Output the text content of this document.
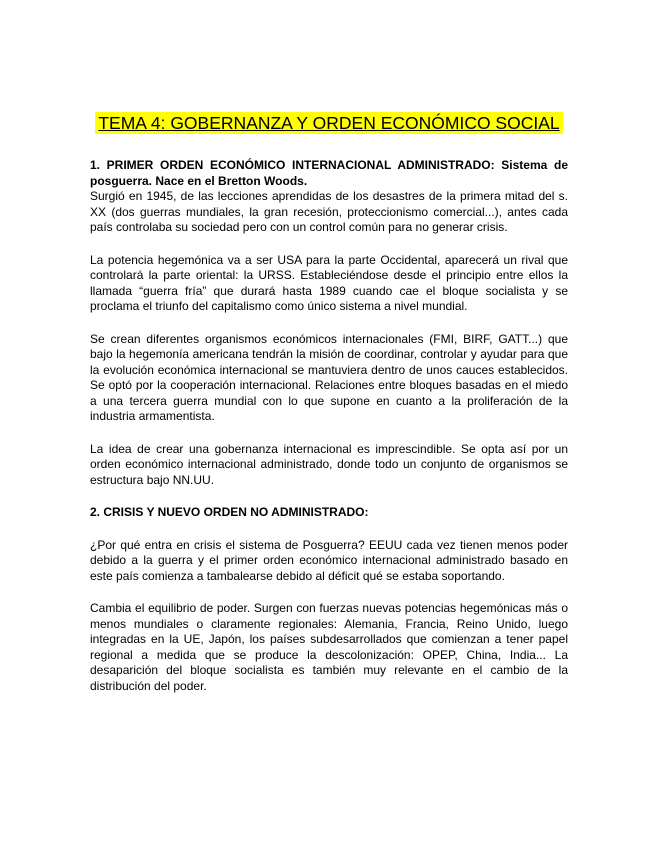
TEMA 4: GOBERNANZA Y ORDEN ECONÓMICO SOCIAL

1. PRIMER ORDEN ECONÓMICO INTERNACIONAL ADMINISTRADO: Sistema de posguerra. Nace en el Bretton Woods.

Surgió en 1945, de las lecciones aprendidas de los desastres de la primera mitad del s. XX (dos guerras mundiales, la gran recesión, proteccionismo comercial...), antes cada país controlaba su sociedad pero con un control común para no generar crisis.

La potencia hegemónica va a ser USA para la parte Occidental, aparecerá un rival que controlará la parte oriental: la URSS. Estableciéndose desde el principio entre ellos la llamada “guerra fría” que durará hasta 1989 cuando cae el bloque socialista y se proclama el triunfo del capitalismo como único sistema a nivel mundial.

Se crean diferentes organismos económicos internacionales (FMI, BIRF, GATT...) que bajo la hegemonía americana tendrán la misión de coordinar, controlar y ayudar para que la evolución económica internacional se mantuviera dentro de unos cauces establecidos. Se optó por la cooperación internacional. Relaciones entre bloques basadas en el miedo a una tercera guerra mundial con lo que supone en cuanto a la proliferación de la industria armamentista.

La idea de crear una gobernanza internacional es imprescindible. Se opta así por un orden económico internacional administrado, donde todo un conjunto de organismos se estructura bajo NN.UU.

2. CRISIS Y NUEVO ORDEN NO ADMINISTRADO:

¿Por qué entra en crisis el sistema de Posguerra? EEUU cada vez tienen menos poder debido a la guerra y el primer orden económico internacional administrado basado en este país comienza a tambalearse debido al déficit qué se estaba soportando.

Cambia el equilibrio de poder. Surgen con fuerzas nuevas potencias hegemónicas más o menos mundiales o claramente regionales: Alemania, Francia, Reino Unido, luego integradas en la UE, Japón, los países subdesarrollados que comienzan a tener papel regional a medida que se produce la descolonización: OPEP, China, India... La desaparición del bloque socialista es también muy relevante en el cambio de la distribución del poder.
